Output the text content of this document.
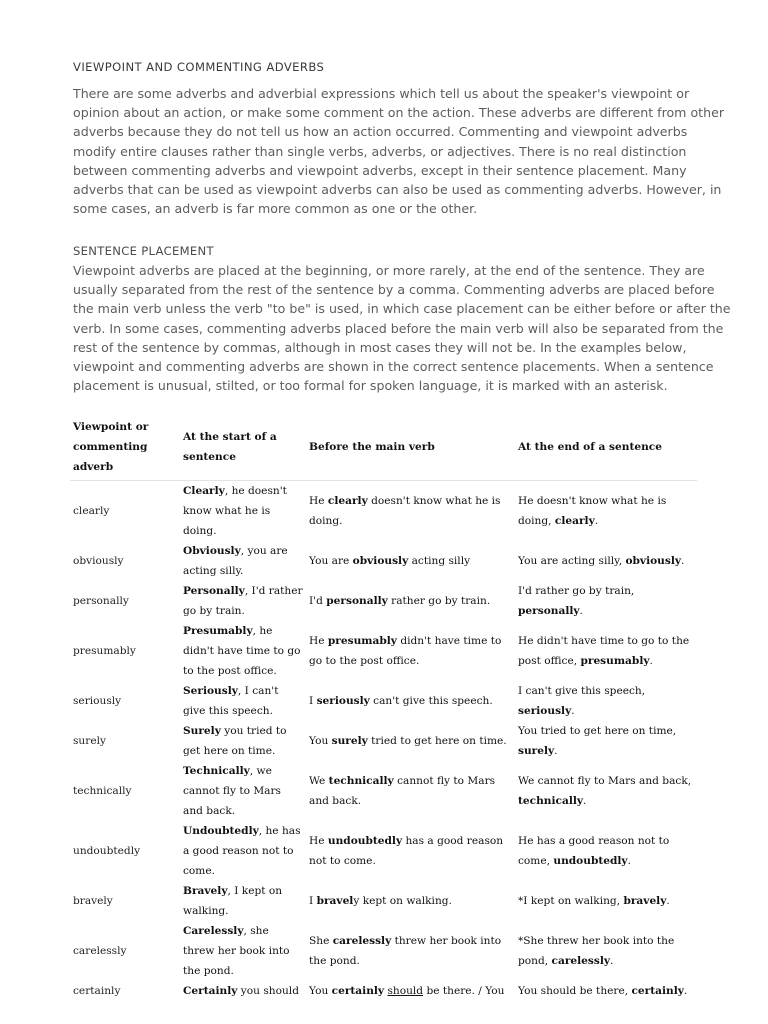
VIEWPOINT AND COMMENTING ADVERBS
There are some adverbs and adverbial expressions which tell us about the speaker's viewpoint or
opinion about an action, or make some comment on the action. These adverbs are different from other
adverbs because they do not tell us how an action occurred. Commenting and viewpoint adverbs
modify entire clauses rather than single verbs, adverbs, or adjectives. There is no real distinction
between commenting adverbs and viewpoint adverbs, except in their sentence placement. Many
adverbs that can be used as viewpoint adverbs can also be used as commenting adverbs. However, in
some cases, an adverb is far more common as one or the other.
SENTENCE PLACEMENT
Viewpoint adverbs are placed at the beginning, or more rarely, at the end of the sentence. They are
usually separated from the rest of the sentence by a comma. Commenting adverbs are placed before
the main verb unless the verb "to be" is used, in which case placement can be either before or after the
verb. In some cases, commenting adverbs placed before the main verb will also be separated from the
rest of the sentence by commas, although in most cases they will not be. In the examples below,
viewpoint and commenting adverbs are shown in the correct sentence placements. When a sentence
placement is unusual, stilted, or too formal for spoken language, it is marked with an asterisk.
Viewpoint or commenting adverb	At the start of a sentence	Before the main verb	At the end of a sentence
clearly	Clearly, he doesn't know what he is doing.	He clearly doesn't know what he is doing.	He doesn't know what he is doing, clearly.
obviously	Obviously, you are acting silly.	You are obviously acting silly	You are acting silly, obviously.
personally	Personally, I'd rather go by train.	I'd personally rather go by train.	I'd rather go by train, personally.
presumably	Presumably, he didn't have time to go to the post office.	He presumably didn't have time to go to the post office.	He didn't have time to go to the post office, presumably.
seriously	Seriously, I can't give this speech.	I seriously can't give this speech.	I can't give this speech, seriously.
surely	Surely you tried to get here on time.	You surely tried to get here on time.	You tried to get here on time, surely.
technically	Technically, we cannot fly to Mars and back.	We technically cannot fly to Mars and back.	We cannot fly to Mars and back, technically.
undoubtedly	Undoubtedly, he has a good reason not to come.	He undoubtedly has a good reason not to come.	He has a good reason not to come, undoubtedly.
bravely	Bravely, I kept on walking.	I bravely kept on walking.	*I kept on walking, bravely.
carelessly	Carelessly, she threw her book into the pond.	She carelessly threw her book into the pond.	*She threw her book into the pond, carelessly.
certainly	Certainly you should	You certainly should be there. / You	You should be there, certainly.
